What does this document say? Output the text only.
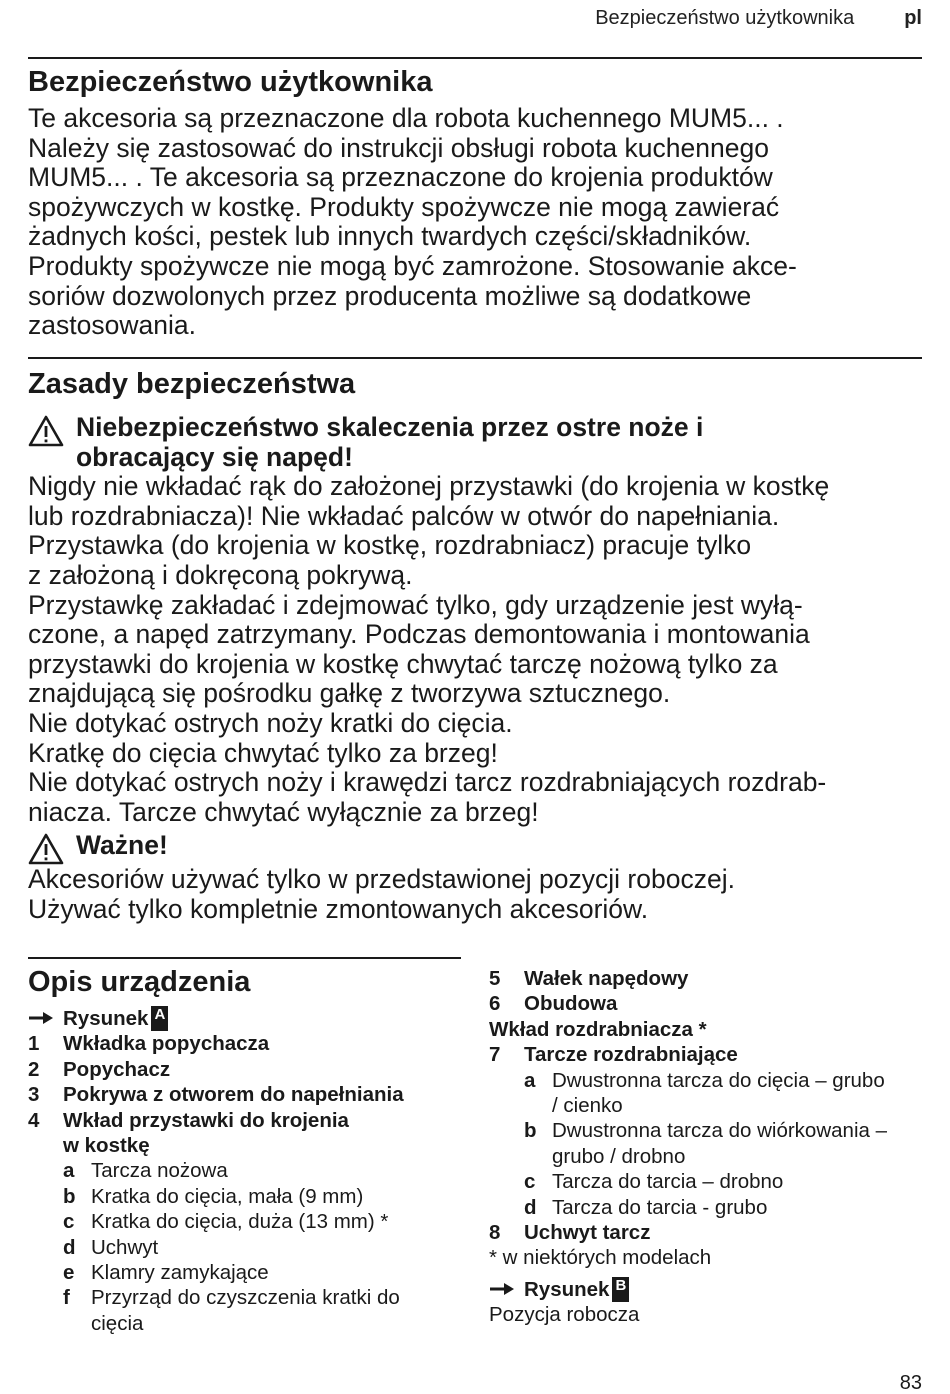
Bezpieczeństwo użytkownika	pl
Bezpieczeństwo użytkownika

Te akcesoria są przeznaczone dla robota kuchennego MUM5... .

Należy się zastosować do instrukcji obsługi robota kuchennego

MUM5... . Te akcesoria są przeznaczone do krojenia produktów

spożywczych w kostkę. Produkty spożywcze nie mogą zawierać

żadnych kości, pestek lub innych twardych części/składników.

Produkty spożywcze nie mogą być zamrożone. Stosowanie akce-

soriów dozwolonych przez producenta możliwe są dodatkowe

zastosowania.

Zasady bezpieczeństwa
Niebezpieczeństwo skaleczenia przez ostre noże i
obracający się napęd!

Nigdy nie wkładać rąk do założonej przystawki (do krojenia w kostkę

lub rozdrabniacza)! Nie wkładać palców w otwór do napełniania.

Przystawka (do krojenia w kostkę, rozdrabniacz) pracuje tylko

z założoną i dokręconą pokrywą.

Przystawkę zakładać i zdejmować tylko, gdy urządzenie jest wyłą-

czone, a napęd zatrzymany. Podczas demontowania i montowania

przystawki do krojenia w kostkę chwytać tarczę nożową tylko za

znajdującą się pośrodku gałkę z tworzywa sztucznego.

Nie dotykać ostrych noży kratki do cięcia.

Kratkę do cięcia chwytać tylko za brzeg!

Nie dotykać ostrych noży i krawędzi tarcz rozdrabniających rozdrab-

niacza. Tarcze chwytać wyłącznie za brzeg!

Ważne!

Akcesoriów używać tylko w przedstawionej pozycji roboczej.

Używać tylko kompletnie zmontowanych akcesoriów.

Opis urządzenia
Rysunek A
1	Wkładka popychacza
2	Popychacz
3	Pokrywa z otworem do napełniania
4	Wkład przystawki do krojenia
w kostkę
a Tarcza nożowa
b Kratka do cięcia, mała (9 mm)
c Kratka do cięcia, duża (13 mm) *
d Uchwyt
e Klamry zamykające
f	Przyrząd do czyszczenia kratki do
cięcia
5	Wałek napędowy
6	Obudowa
Wkład rozdrabniacza *
7	Tarcze rozdrabniające
a Dwustronna tarcza do cięcia – grubo
/ cienko
b Dwustronna tarcza do wiórkowania –
grubo / drobno
c Tarcza do tarcia – drobno
d Tarcza do tarcia - grubo
8	Uchwyt tarcz
* w niektórych modelach
Rysunek B
Pozycja robocza
83
